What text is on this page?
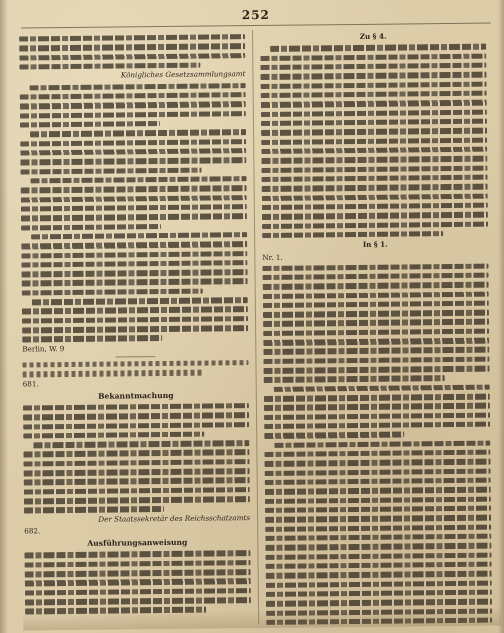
252
Königliches Gesetzsammlungsamt
Berlin, W. 9
681.
Bekanntmachung
Der Staatssekretär des Reichsschatzamts
682.
Ausführungsanweisung
Zu § 4.
In § 1.
Nr. 1.
